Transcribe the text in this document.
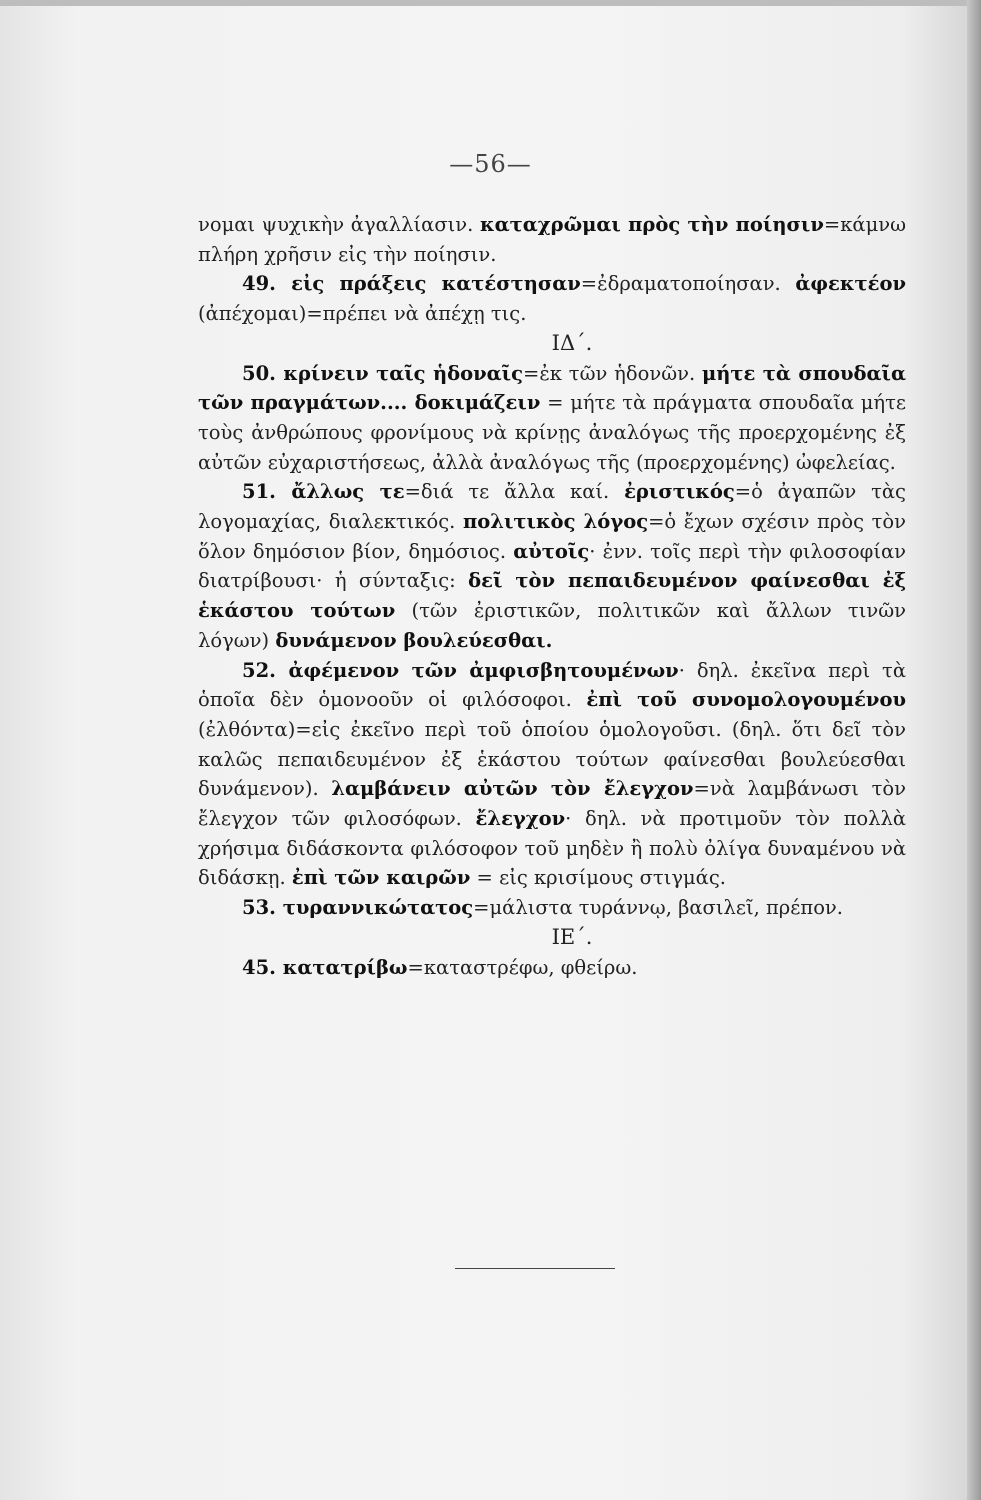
—56—

νομαι ψυχικὴν ἀγαλλίασιν. καταχρῶμαι πρὸς τὴν ποίησιν=κάμνω πλήρη χρῆσιν εἰς τὴν ποίησιν.

49. εἰς πράξεις κατέστησαν=ἐδραματοποίησαν. ἀφεκτέον (ἀπέχομαι)=πρέπει νὰ ἀπέχῃ τις.

ΙΔ΄.

50. κρίνειν ταῖς ἡδοναῖς=ἐκ τῶν ἡδονῶν. μήτε τὰ σπουδαῖα τῶν πραγμάτων.... δοκιμάζειν = μήτε τὰ πράγματα σπουδαῖα μήτε τοὺς ἀνθρώπους φρονίμους νὰ κρίνῃς ἀναλόγως τῆς προερχομένης ἐξ αὐτῶν εὐχαριστήσεως, ἀλλὰ ἀναλόγως τῆς (προερχομένης) ὠφελείας.

51. ἄλλως τε=διά τε ἄλλα καί. ἐριστικός=ὁ ἀγαπῶν τὰς λογομαχίας, διαλεκτικός. πολιτικὸς λόγος=ὁ ἔχων σχέσιν πρὸς τὸν ὅλον δημόσιον βίον, δημόσιος. αὐτοῖς· ἐνν. τοῖς περὶ τὴν φιλοσοφίαν διατρίβουσι· ἡ σύνταξις: δεῖ τὸν πεπαιδευμένον φαίνεσθαι ἐξ ἑκάστου τούτων (τῶν ἐριστικῶν, πολιτικῶν καὶ ἄλλων τινῶν λόγων) δυνάμενον βουλεύεσθαι.

52. ἀφέμενον τῶν ἀμφισβητουμένων· δηλ. ἐκεῖνα περὶ τὰ ὁποῖα δὲν ὁμονοοῦν οἱ φιλόσοφοι. ἐπὶ τοῦ συνομολογουμένου (ἐλθόντα)=εἰς ἐκεῖνο περὶ τοῦ ὁποίου ὁμολογοῦσι. (δηλ. ὅτι δεῖ τὸν καλῶς πεπαιδευμένον ἐξ ἑκάστου τούτων φαίνεσθαι βουλεύεσθαι δυνάμενον). λαμβάνειν αὐτῶν τὸν ἔλεγχον=νὰ λαμβάνωσι τὸν ἔλεγχον τῶν φιλοσόφων. ἔλεγχον· δηλ. νὰ προτιμοῦν τὸν πολλὰ χρήσιμα διδάσκοντα φιλόσοφον τοῦ μηδὲν ἢ πολὺ ὀλίγα δυναμένου νὰ διδάσκῃ. ἐπὶ τῶν καιρῶν = εἰς κρισίμους στιγμάς.

53. τυραννικώτατος=μάλιστα τυράννῳ, βασιλεῖ, πρέπον.

ΙΕ΄.

45. κατατρίβω=καταστρέφω, φθείρω.
